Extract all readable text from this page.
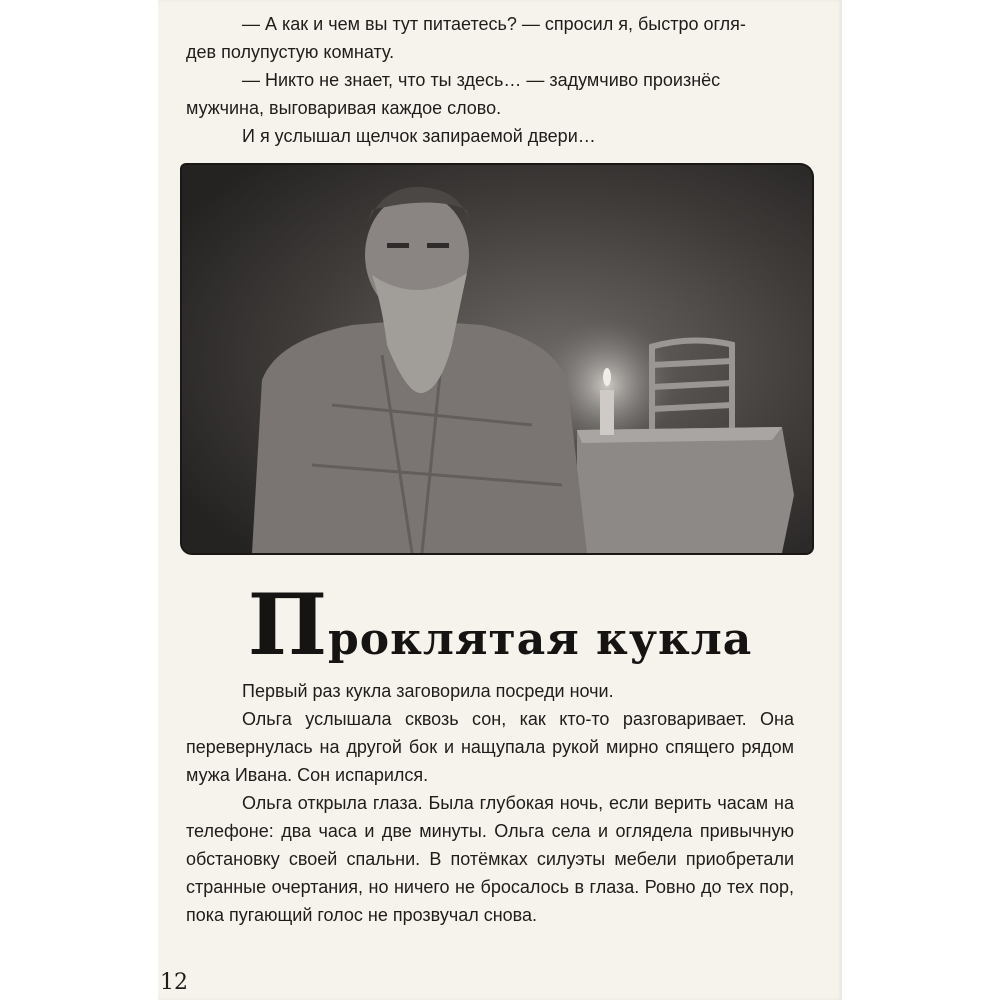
— А как и чем вы тут питаетесь? — спросил я, быстро огля-

дев полупустую комнату.

— Никто не знает, что ты здесь… — задумчиво произнёс

мужчина, выговаривая каждое слово.

И я услышал щелчок запираемой двери…

Проклятая кукла

Первый раз кукла заговорила посреди ночи.

Ольга услышала сквозь сон, как кто-то разговаривает. Она перевернулась на другой бок и нащупала рукой мирно спящего рядом мужа Ивана. Сон испарился.

Ольга открыла глаза. Была глубокая ночь, если верить часам на телефоне: два часа и две минуты. Ольга села и огляделa привычную обстановку своей спальни. В потёмках силуэты мебели приобретали странные очертания, но ничего не бросалось в глаза. Ровно до тех пор, пока пугающий голос не прозвучал снова.

12
